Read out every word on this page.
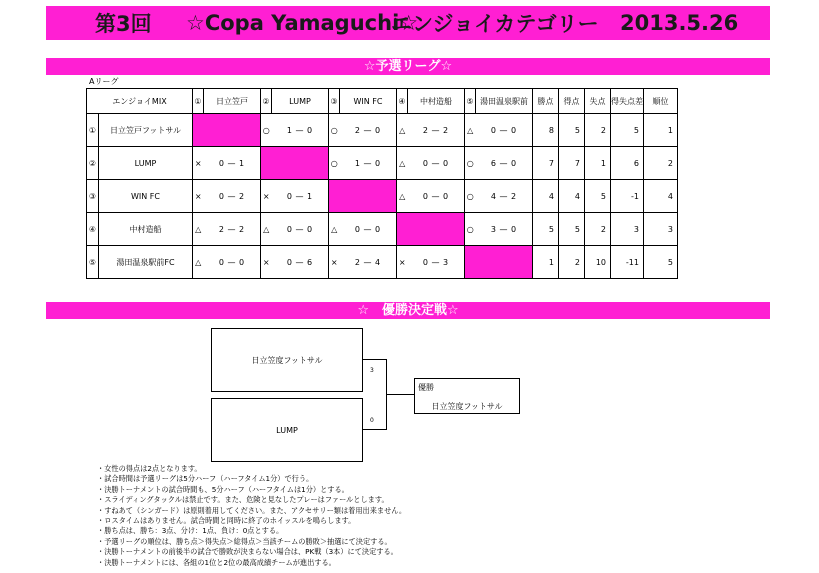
第3回 ☆Copa Yamaguchi☆
エンジョイカテゴリー 2013.5.26
☆予選リーグ☆
Aリーグ
エンジョイMIX		①	日立笠戸	②	LUMP	③	WIN FC	④	中村造船	⑤	湯田温泉駅前	勝点	得点	失点	得失点差	順位
①	日立笠戸フットサル			○	1 — 0	○	2 — 0	△	2 — 2	△	0 — 0	8	5	2	5	1
②	LUMP	×	0 — 1			○	1 — 0	△	0 — 0	○	6 — 0	7	7	1	6	2
③	WIN FC	×	0 — 2	×	0 — 1			△	0 — 0	○	4 — 2	4	4	5	-1	4
④	中村造船	△	2 — 2	△	0 — 0	△	0 — 0			○	3 — 0	5	5	2	3	3
⑤	湯田温泉駅前FC	△	0 — 0	×	0 — 6	×	2 — 4	×	0 — 3			1	2	10	-11	5
☆　優勝決定戦☆
日立笠度フットサル
LUMP
3
0
優勝
日立笠度フットサル
・女性の得点は2点となります。
・試合時間は予選リーグは5分ハーフ（ハーフタイム1分）で行う。
・決勝トーナメントの試合時間も、5分ハーフ（ハーフタイムは1分）とする。
・スライディングタックルは禁止です。また、危険と見なしたプレーはファールとします。
・すねあて（シンガード）は原則着用してください。また、アクセサリー類は着用出来ません。
・ロスタイムはありません。試合時間と同時に終了のホイッスルを鳴らします。
・勝ち点は、勝ち：3点、分け：1点、負け：0点とする。
・予選リーグの順位は、勝ち点＞得失点＞総得点＞当該チームの勝敗＞抽選にて決定する。
・決勝トーナメントの前後半の試合で勝敗が決まらない場合は、PK戦（3本）にて決定する。
・決勝トーナメントには、各組の1位と2位の最高成績チームが進出する。
